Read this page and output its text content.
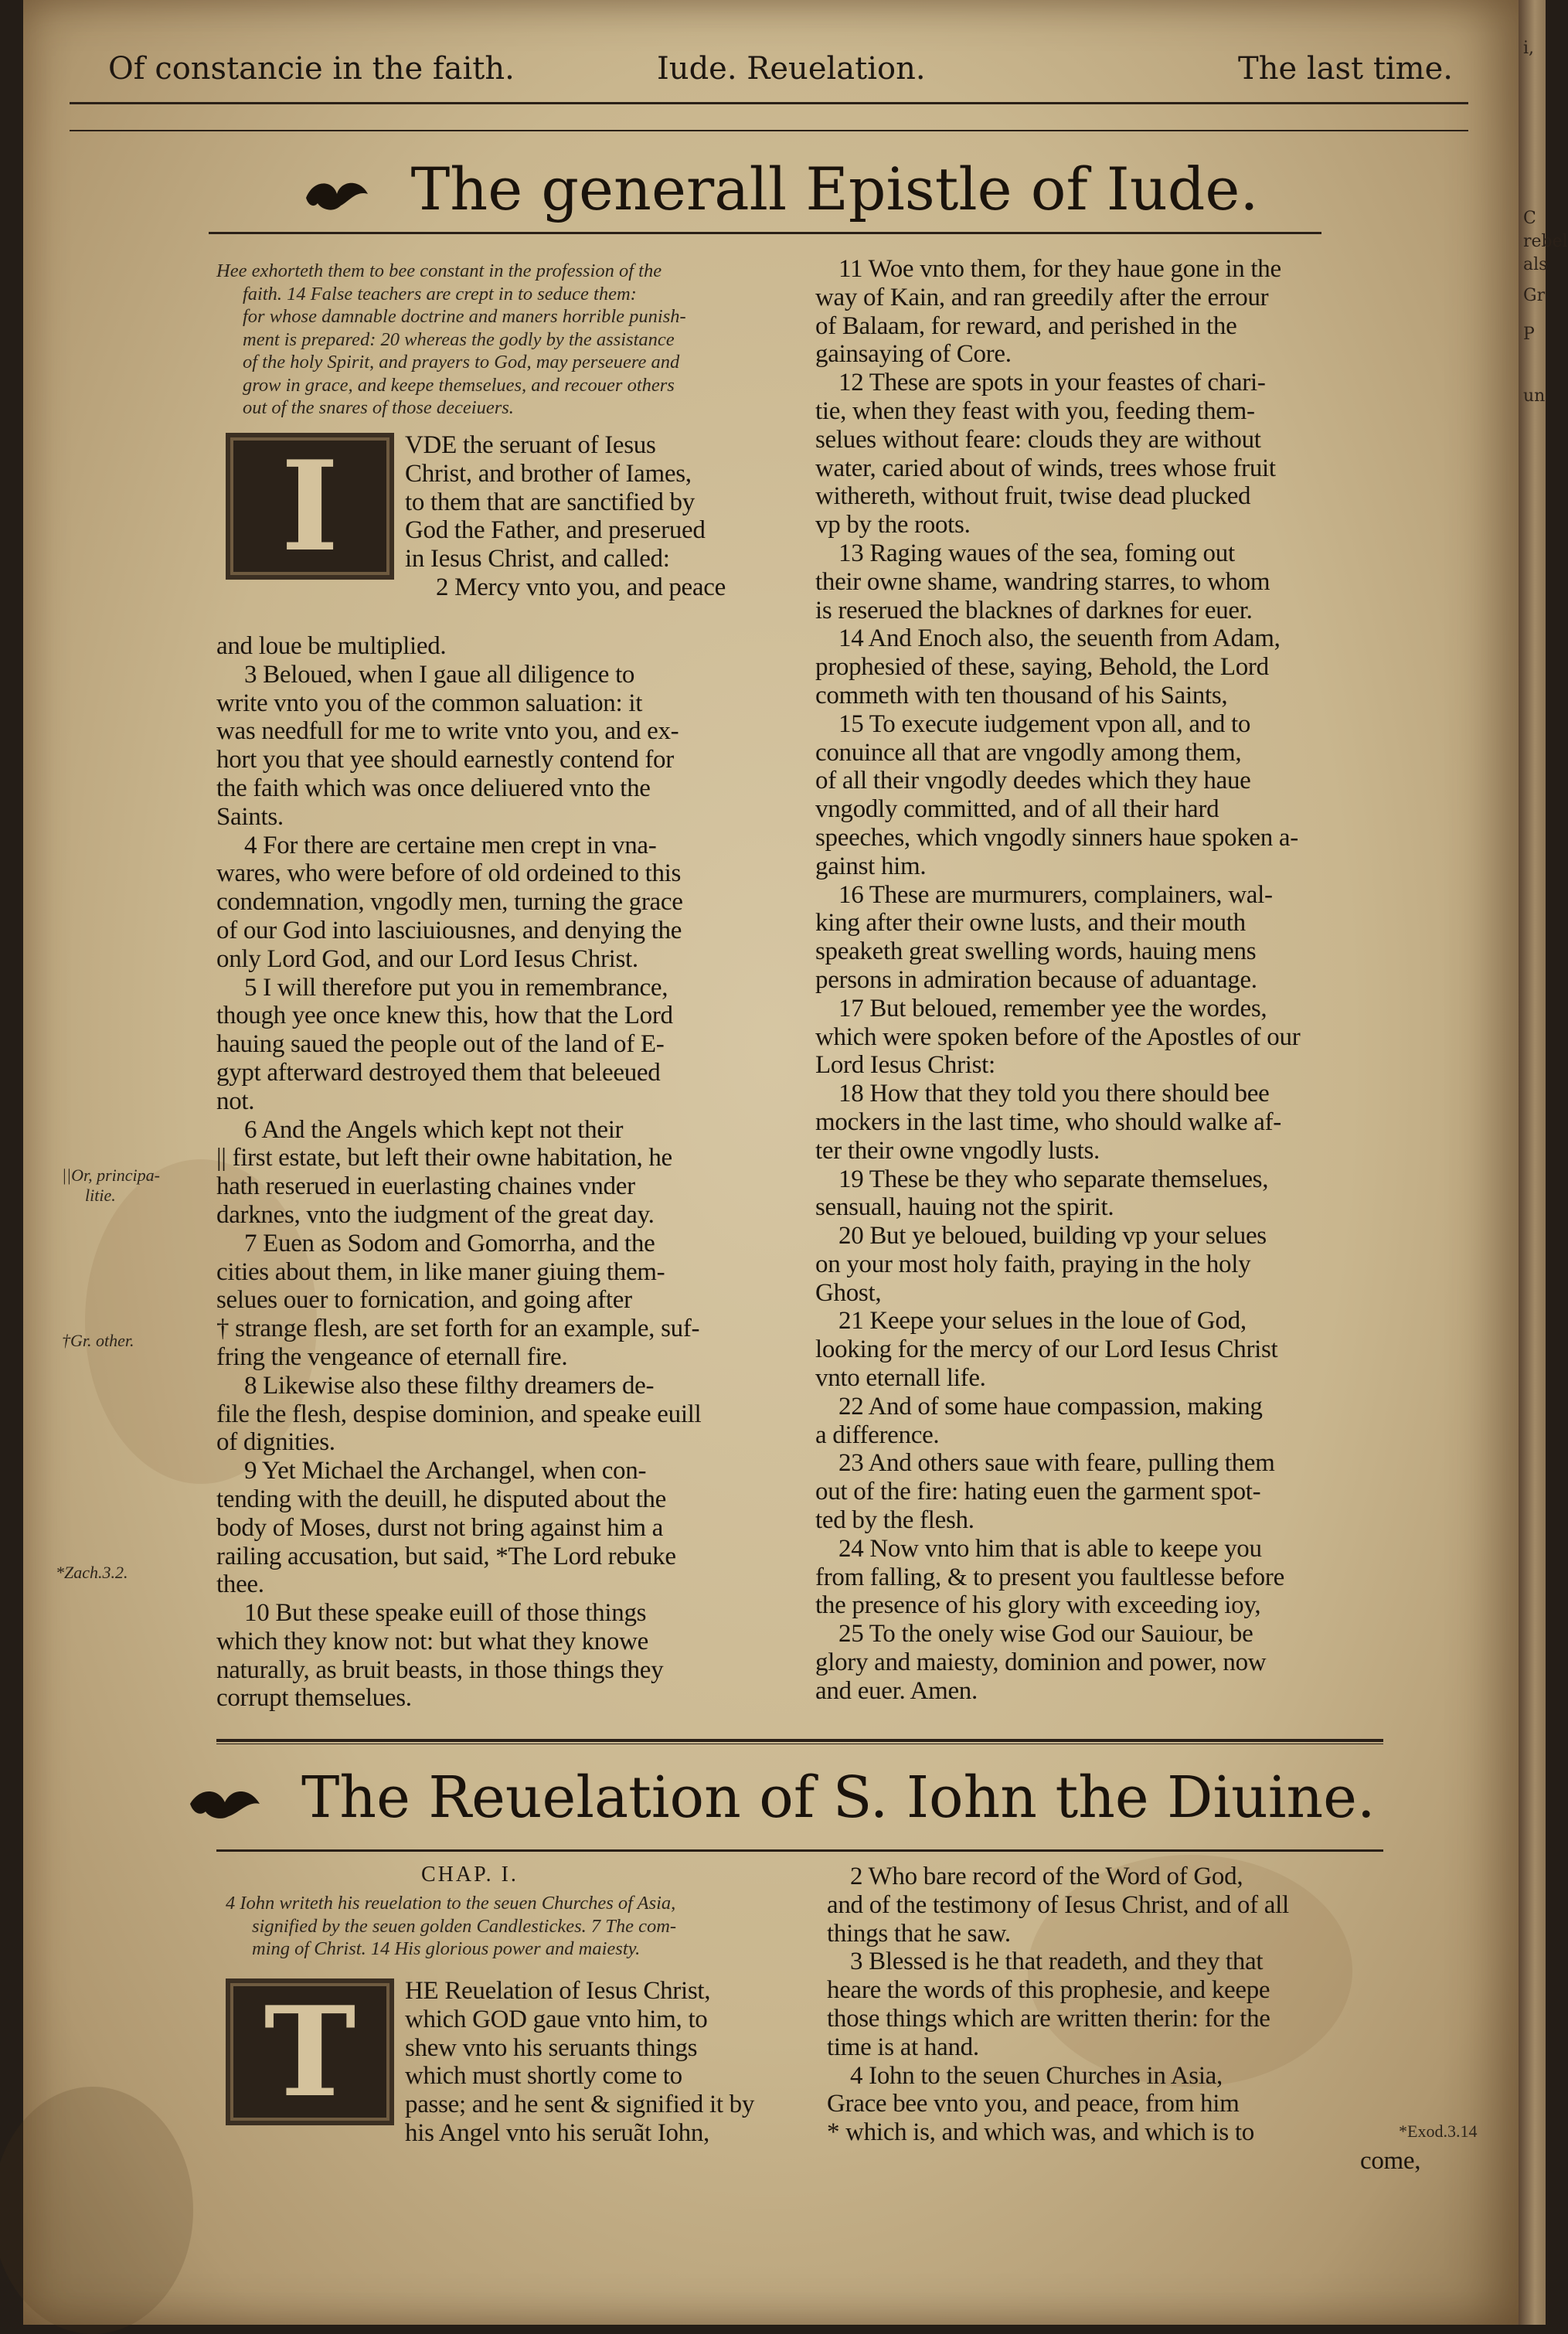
Of constancie in the faith.	Iude. Reuelation.	The last time.
The generall Epistle of Iude.
Hee exhorteth them to bee constant in the profession of the
faith. 14 False teachers are crept in to seduce them:
for whose damnable doctrine and maners horrible punish-
ment is prepared: 20 whereas the godly by the assistance
of the holy Spirit, and prayers to God, may perseuere and
grow in grace, and keepe themselues, and recouer others
out of the snares of those deceiuers.
I	VDE the seruant of Iesus

Christ, and brother of Iames,

to them that are sanctified by

God the Father, and preserued

in Iesus Christ, and called:

2 Mercy vnto you, and peace

and loue be multiplied.

3 Beloued, when I gaue all diligence to

write vnto you of the common saluation: it

was needfull for me to write vnto you, and ex-

hort you that yee should earnestly contend for

the faith which was once deliuered vnto the

Saints.

4 For there are certaine men crept in vna-

wares, who were before of old ordeined to this

condemnation, vngodly men, turning the grace

of our God into lasciuiousnes, and denying the

only Lord God, and our Lord Iesus Christ.

5 I will therefore put you in remembrance,

though yee once knew this, how that the Lord

hauing saued the people out of the land of E-

gypt afterward destroyed them that beleeued

not.

6 And the Angels which kept not their

|| first estate, but left their owne habitation, he

hath reserued in euerlasting chaines vnder

darknes, vnto the iudgment of the great day.

7 Euen as Sodom and Gomorrha, and the

cities about them, in like maner giuing them-

selues ouer to fornication, and going after

† strange flesh, are set forth for an example, suf-

fring the vengeance of eternall fire.

8 Likewise also these filthy dreamers de-

file the flesh, despise dominion, and speake euill

of dignities.

9 Yet Michael the Archangel, when con-

tending with the deuill, he disputed about the

body of Moses, durst not bring against him a

railing accusation, but said, *The Lord rebuke

thee.

10 But these speake euill of those things

which they know not: but what they knowe

naturally, as bruit beasts, in those things they

corrupt themselues.

||Or, principa-
litie.
†Gr. other.
*Zach.3.2.

11 Woe vnto them, for they haue gone in the

way of Kain, and ran greedily after the errour

of Balaam, for reward, and perished in the

gainsaying of Core.

12 These are spots in your feastes of chari-

tie, when they feast with you, feeding them-

selues without feare: clouds they are without

water, caried about of winds, trees whose fruit

withereth, without fruit, twise dead plucked

vp by the roots.

13 Raging waues of the sea, foming out

their owne shame, wandring starres, to whom

is reserued the blacknes of darknes for euer.

14 And Enoch also, the seuenth from Adam,

prophesied of these, saying, Behold, the Lord

commeth with ten thousand of his Saints,

15 To execute iudgement vpon all, and to

conuince all that are vngodly among them,

of all their vngodly deedes which they haue

vngodly committed, and of all their hard

speeches, which vngodly sinners haue spoken a-

gainst him.

16 These are murmurers, complainers, wal-

king after their owne lusts, and their mouth

speaketh great swelling words, hauing mens

persons in admiration because of aduantage.

17 But beloued, remember yee the wordes,

which were spoken before of the Apostles of our

Lord Iesus Christ:

18 How that they told you there should bee

mockers in the last time, who should walke af-

ter their owne vngodly lusts.

19 These be they who separate themselues,

sensuall, hauing not the spirit.

20 But ye beloued, building vp your selues

on your most holy faith, praying in the holy

Ghost,

21 Keepe your selues in the loue of God,

looking for the mercy of our Lord Iesus Christ

vnto eternall life.

22 And of some haue compassion, making

a difference.

23 And others saue with feare, pulling them

out of the fire: hating euen the garment spot-

ted by the flesh.

24 Now vnto him that is able to keepe you

from falling, & to present you faultlesse before

the presence of his glory with exceeding ioy,

25 To the onely wise God our Sauiour, be

glory and maiesty, dominion and power, now

and euer. Amen.

The Reuelation of S. Iohn the Diuine.
CHAP. I.
4 Iohn writeth his reuelation to the seuen Churches of Asia,
signified by the seuen golden Candlestickes. 7 The com-
ming of Christ. 14 His glorious power and maiesty.
T	HE Reuelation of Iesus Christ,

which GOD gaue vnto him, to

shew vnto his seruants things

which must shortly come to

passe; and he sent & signified it by

his Angel vnto his seruãt Iohn,

2 Who bare record of the Word of God,

and of the testimony of Iesus Christ, and of all

things that he saw.

3 Blessed is he that readeth, and they that

heare the words of this prophesie, and keepe

those things which are written therin: for the

time is at hand.

4 Iohn to the seuen Churches in Asia,

Grace bee vnto you, and peace, from him

* which is, and which was, and which is to

come,

*Exod.3.14
i,
C
rebel
als
Gr
un
P
